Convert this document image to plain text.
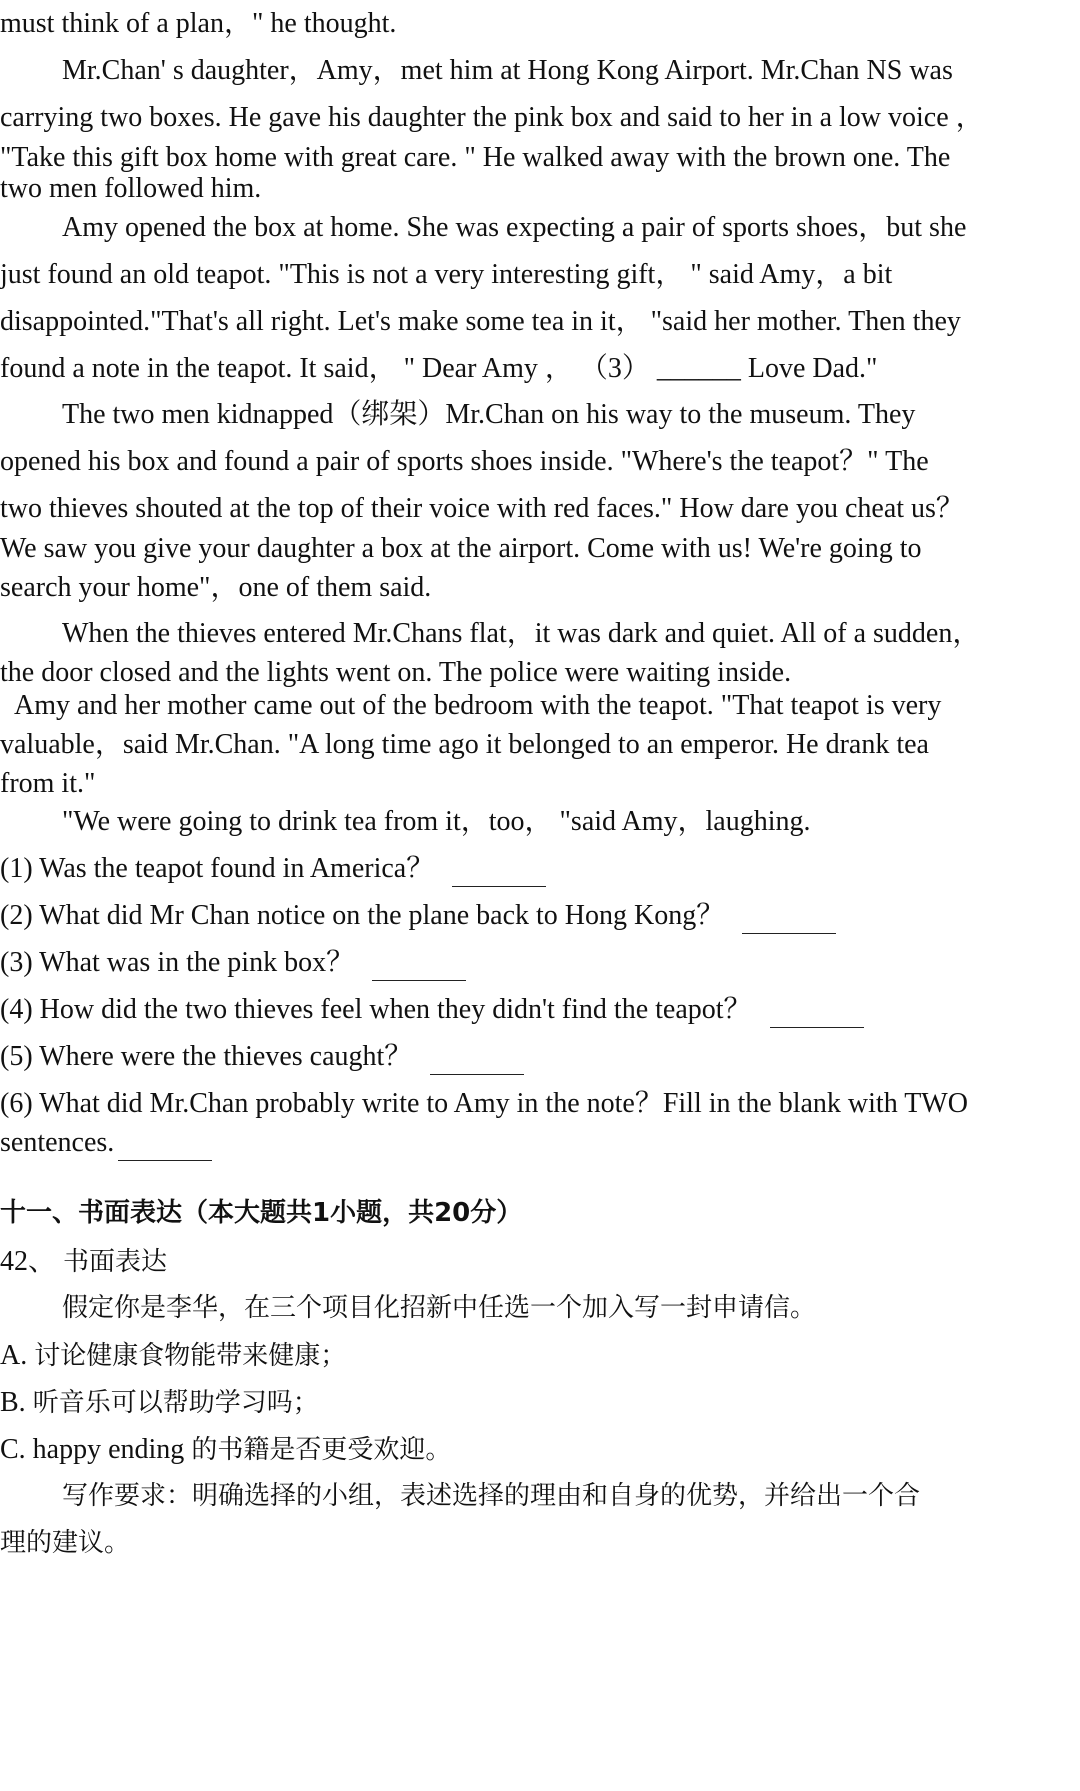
must think of a plan，" he thought.
Mr.Chan' s daughter，Amy，met him at Hong Kong Airport. Mr.Chan NS was
carrying two boxes. He gave his daughter the pink box and said to her in a low voice ，
"Take this gift box home with great care. " He walked away with the brown one. The
two men followed him.
Amy opened the box at home. She was expecting a pair of sports shoes，but she
just found an old teapot. "This is not a very interesting gift， " said Amy，a bit
disappointed."That's all right. Let's make some tea in it， "said her mother. Then they
found a note in the teapot. It said， " Dear Amy ， （3） ______ Love Dad."
The two men kidnapped（绑架）Mr.Chan on his way to the museum. They
opened his box and found a pair of sports shoes inside. "Where's the teapot？" The
two thieves shouted at the top of their voice with red faces." How dare you cheat us？
We saw you give your daughter a box at the airport. Come with us! We're going to
search your home"，one of them said.
When the thieves entered Mr.Chans flat，it was dark and quiet. All of a sudden，
the door closed and the lights went on. The police were waiting inside.
Amy and her mother came out of the bedroom with the teapot. "That teapot is very
valuable，said Mr.Chan. "A long time ago it belonged to an emperor. He drank tea
from it."
"We were going to drink tea from it，too， "said Amy，laughing.
(1) Was the teapot found in America？
(2) What did Mr Chan notice on the plane back to Hong Kong？
(3) What was in the pink box？
(4) How did the two thieves feel when they didn't find the teapot？
(5) Where were the thieves caught？
(6) What did Mr.Chan probably write to Amy in the note？Fill in the blank with TWO
sentences.
十一、书面表达（本大题共1小题，共20分）
42、 书面表达
假定你是李华，在三个项目化招新中任选一个加入写一封申请信。
A. 讨论健康食物能带来健康；
B. 听音乐可以帮助学习吗；
C. happy ending 的书籍是否更受欢迎。
写作要求：明确选择的小组，表述选择的理由和自身的优势，并给出一个合
理的建议。
